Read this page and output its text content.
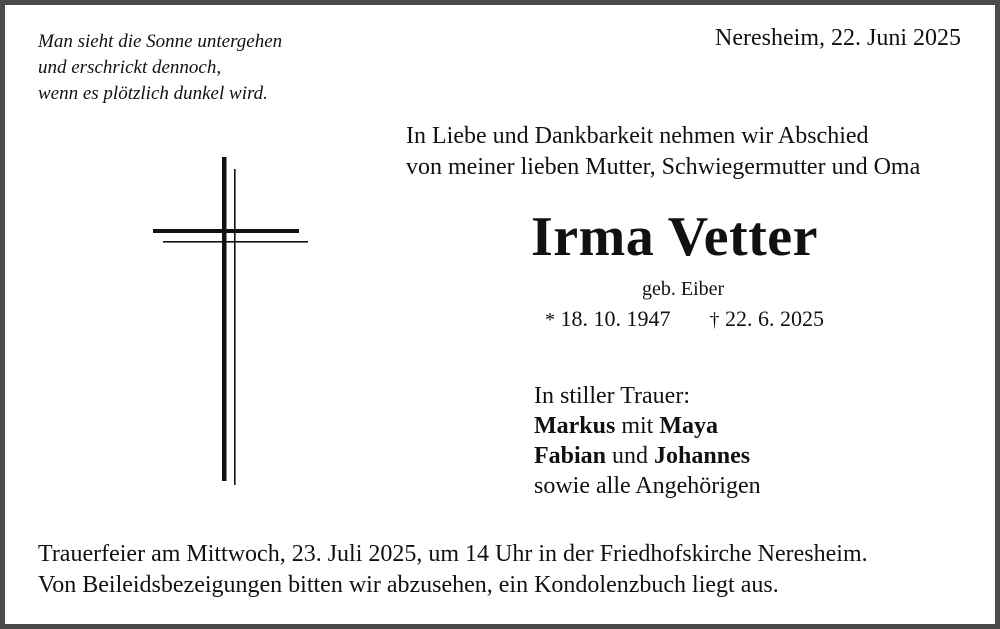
Man sieht die Sonne untergehen
und erschrickt dennoch,
wenn es plötzlich dunkel wird.
Neresheim, 22. Juni 2025
In Liebe und Dankbarkeit nehmen wir Abschied
von meiner lieben Mutter, Schwiegermutter und Oma
Irma Vetter
geb. Eiber
* 18. 10. 1947 † 22. 6. 2025
In stiller Trauer:
Markus mit Maya
Fabian und Johannes
sowie alle Angehörigen
Trauerfeier am Mittwoch, 23. Juli 2025, um 14 Uhr in der Friedhofskirche Neresheim.
Von Beileidsbezeigungen bitten wir abzusehen, ein Kondolenzbuch liegt aus.
